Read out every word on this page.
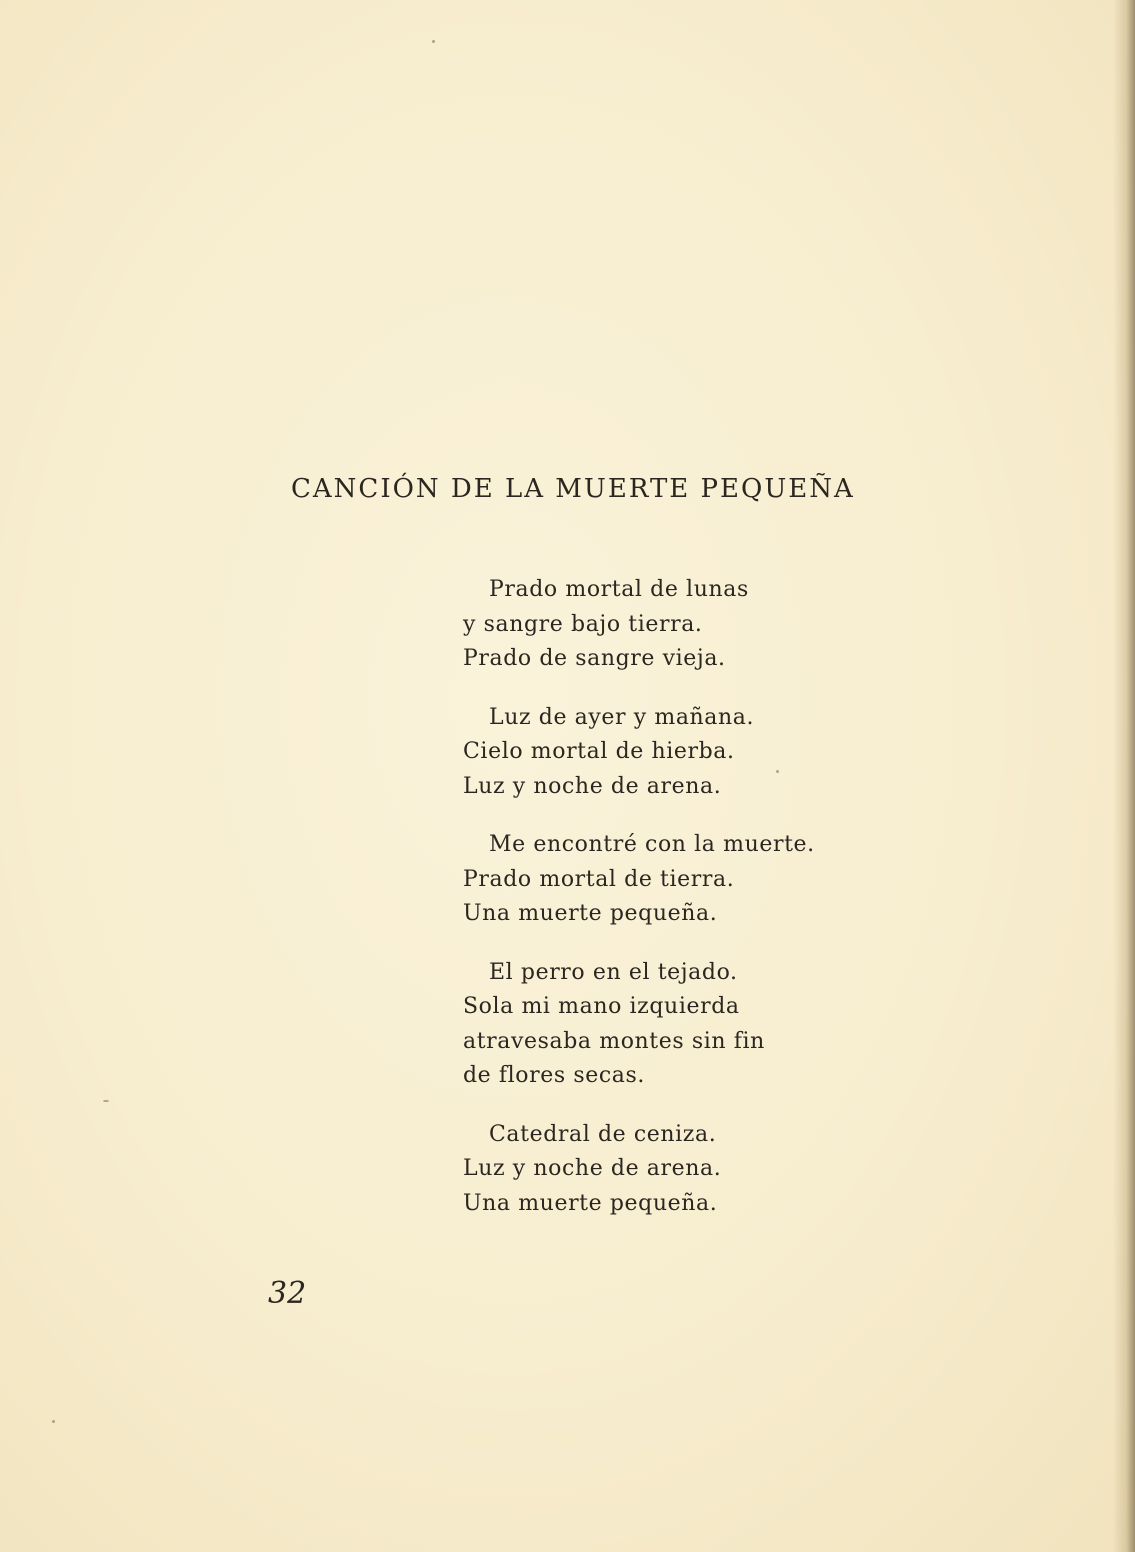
CANCIÓN DE LA MUERTE PEQUEÑA
Prado mortal de lunas
y sangre bajo tierra.
Prado de sangre vieja.
Luz de ayer y mañana.
Cielo mortal de hierba.
Luz y noche de arena.
Me encontré con la muerte.
Prado mortal de tierra.
Una muerte pequeña.
El perro en el tejado.
Sola mi mano izquierda
atravesaba montes sin fin
de flores secas.
Catedral de ceniza.
Luz y noche de arena.
Una muerte pequeña.
32
